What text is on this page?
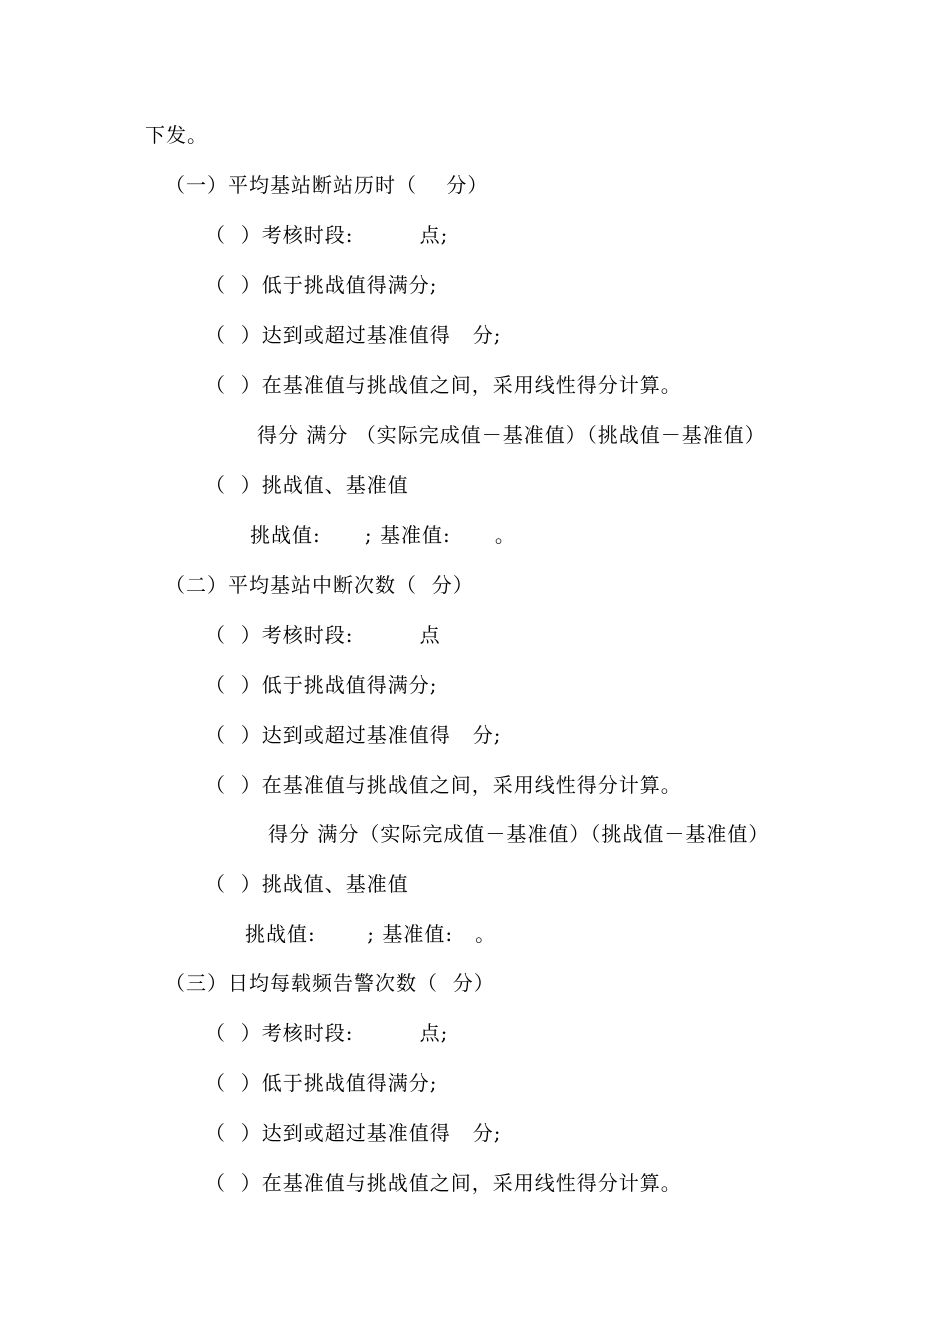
下发。
（一）平均基站断站历时（    分）
（  ）考核时段:         点;
（  ）低于挑战值得满分;
（  ）达到或超过基准值得   分;
（  ）在基准值与挑战值之间，采用线性得分计算。
得分 满分 （实际完成值－基准值）（挑战值－基准值）
（  ）挑战值、基准值
挑战值:      ; 基准值:      。
（二）平均基站中断次数（  分）
（  ）考核时段:         点
（  ）低于挑战值得满分;
（  ）达到或超过基准值得   分;
（  ）在基准值与挑战值之间，采用线性得分计算。
得分 满分（实际完成值－基准值）（挑战值－基准值）
（  ）挑战值、基准值
挑战值:       ; 基准值:   。
（三）日均每载频告警次数（  分）
（  ）考核时段:         点;
（  ）低于挑战值得满分;
（  ）达到或超过基准值得   分;
（  ）在基准值与挑战值之间，采用线性得分计算。
